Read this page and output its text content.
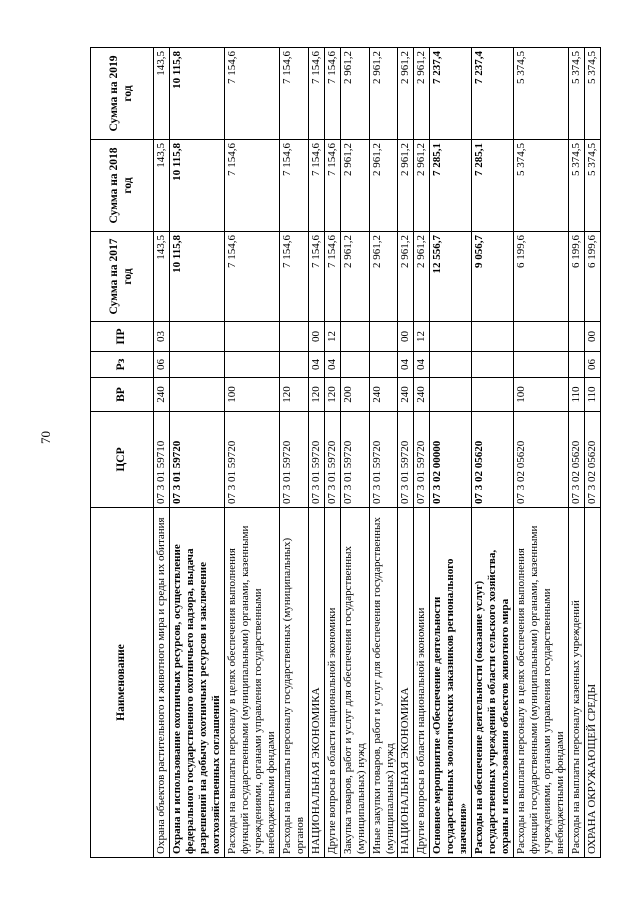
70
Наименование	ЦСР	ВР	Рз	ПР	Сумма на 2017 год	Сумма на 2018 год	Сумма на 2019 год
Охрана объектов растительного и животного мира и среды их обитания	07 3 01 59710	240	06	03	143,5	143,5	143,5
Охрана и использование охотничьих ресурсов, осуществление федерального государственного охотничьего надзора, выдача разрешений на добычу охотничьих ресурсов и заключение охотхозяйственных соглашений	07 3 01 59720				10 115,8	10 115,8	10 115,8
Расходы на выплаты персоналу в целях обеспечения выполнения функций государственными (муниципальными) органами, казенными учреждениями, органами управления государственными внебюджетными фондами	07 3 01 59720	100			7 154,6	7 154,6	7 154,6
Расходы на выплаты персоналу государственных (муниципальных) органов	07 3 01 59720	120			7 154,6	7 154,6	7 154,6
НАЦИОНАЛЬНАЯ ЭКОНОМИКА	07 3 01 59720	120	04	00	7 154,6	7 154,6	7 154,6
Другие вопросы в области национальной экономики	07 3 01 59720	120	04	12	7 154,6	7 154,6	7 154,6
Закупка товаров, работ и услуг для обеспечения государственных (муниципальных) нужд	07 3 01 59720	200			2 961,2	2 961,2	2 961,2
Иные закупки товаров, работ и услуг для обеспечения государственных (муниципальных) нужд	07 3 01 59720	240			2 961,2	2 961,2	2 961,2
НАЦИОНАЛЬНАЯ ЭКОНОМИКА	07 3 01 59720	240	04	00	2 961,2	2 961,2	2 961,2
Другие вопросы в области национальной экономики	07 3 01 59720	240	04	12	2 961,2	2 961,2	2 961,2
Основное мероприятие «Обеспечение деятельности государственных зоологических заказников регионального значения»	07 3 02 00000				12 556,7	7 285,1	7 237,4
Расходы на обеспечение деятельности (оказание услуг) государственных учреждений в области сельского хозяйства, охраны и использования объектов животного мира	07 3 02 05620				9 056,7	7 285,1	7 237,4
Расходы на выплаты персоналу в целях обеспечения выполнения функций государственными (муниципальными) органами, казенными учреждениями, органами управления государственными внебюджетными фондами	07 3 02 05620	100			6 199,6	5 374,5	5 374,5
Расходы на выплаты персоналу казенных учреждений	07 3 02 05620	110			6 199,6	5 374,5	5 374,5
ОХРАНА ОКРУЖАЮЩЕЙ СРЕДЫ	07 3 02 05620	110	06	00	6 199,6	5 374,5	5 374,5
